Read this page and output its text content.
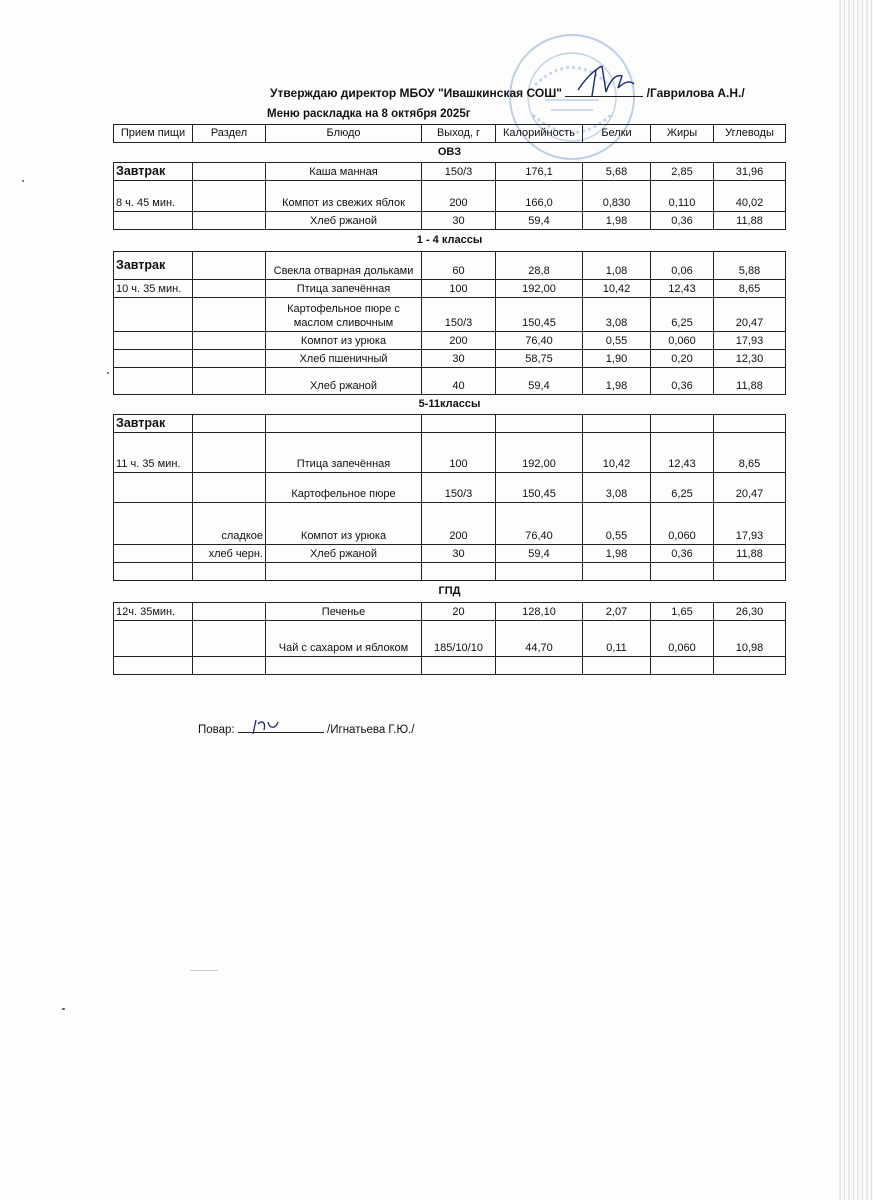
Утверждаю директор МБОУ "Ивашкинская СОШ"	/Гаврилова А.Н./
Меню раскладка на 8 октября 2025г
Прием пищи	Раздел	Блюдо	Выход, г	Калорийность	Белки	Жиры	Углеводы
ОВЗ							
Завтрак		Каша манная	150/3	176,1	5,68	2,85	31,96
8 ч. 45 мин.		Компот из свежих яблок	200	166,0	0,830	0,110	40,02
		Хлеб ржаной	30	59,4	1,98	0,36	11,88
1 - 4 классы							
Завтрак		Свекла отварная дольками	60	28,8	1,08	0,06	5,88
10 ч. 35 мин.		Птица запечённая	100	192,00	10,42	12,43	8,65
		Картофельное пюре с маслом сливочным	150/3	150,45	3,08	6,25	20,47
		Компот из урюка	200	76,40	0,55	0,060	17,93
		Хлеб пшеничный	30	58,75	1,90	0,20	12,30
		Хлеб ржаной	40	59,4	1,98	0,36	11,88
5-11классы							
Завтрак							
11 ч. 35 мин.		Птица запечённая	100	192,00	10,42	12,43	8,65
		Картофельное пюре	150/3	150,45	3,08	6,25	20,47
	сладкое	Компот из урюка	200	76,40	0,55	0,060	17,93
	хлеб черн.	Хлеб ржаной	30	59,4	1,98	0,36	11,88

ГПД							
12ч. 35мин.		Печенье	20	128,10	2,07	1,65	26,30
		Чай с сахаром и яблоком	185/10/10	44,70	0,11	0,060	10,98

Повар:	/Игнатьева Г.Ю./
